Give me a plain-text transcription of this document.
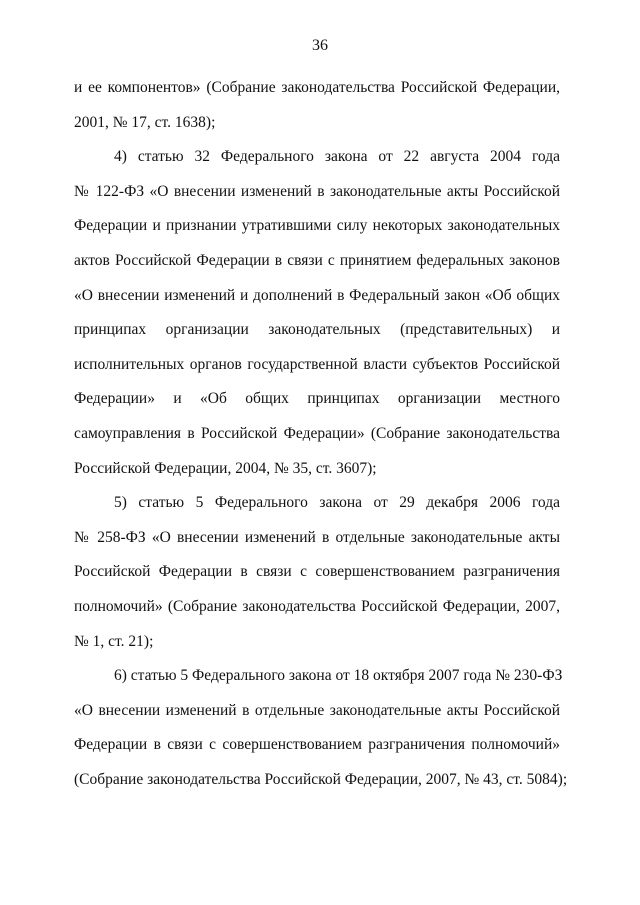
36
и ее компонентов» (Собрание законодательства Российской Федерации,
2001, № 17, ст. 1638);
4) статью 32 Федерального закона от 22 августа 2004 года
№ 122-ФЗ «О внесении изменений в законодательные акты Российской
Федерации и признании утратившими силу некоторых законодательных
актов Российской Федерации в связи с принятием федеральных законов
«О внесении изменений и дополнений в Федеральный закон «Об общих
принципах организации законодательных (представительных) и
исполнительных органов государственной власти субъектов Российской
Федерации» и «Об общих принципах организации местного
самоуправления в Российской Федерации» (Собрание законодательства
Российской Федерации, 2004, № 35, ст. 3607);
5) статью 5 Федерального закона от 29 декабря 2006 года
№ 258-ФЗ «О внесении изменений в отдельные законодательные акты
Российской Федерации в связи с совершенствованием разграничения
полномочий» (Собрание законодательства Российской Федерации, 2007,
№ 1, ст. 21);
6) статью 5 Федерального закона от 18 октября 2007 года № 230-ФЗ
«О внесении изменений в отдельные законодательные акты Российской
Федерации в связи с совершенствованием разграничения полномочий»
(Собрание законодательства Российской Федерации, 2007, № 43, ст. 5084);
